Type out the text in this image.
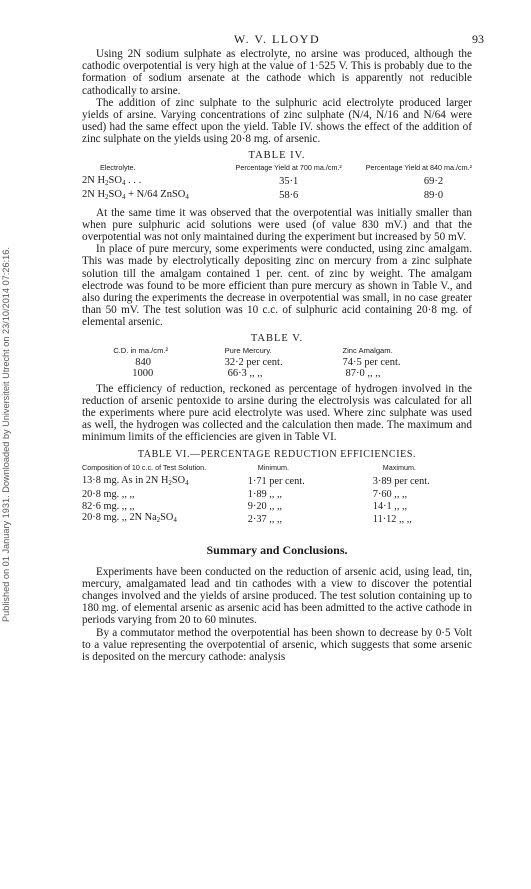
Published on 01 January 1931. Downloaded by Universiteit Utrecht on 23/10/2014 07:26:16.
W. V. LLOYD	93

Using 2N sodium sulphate as electrolyte, no arsine was produced, although the cathodic overpotential is very high at the value of 1·525 V. This is probably due to the formation of sodium arsenate at the cathode which is apparently not reducible cathodically to arsine.

The addition of zinc sulphate to the sulphuric acid electrolyte produced larger yields of arsine. Varying concentrations of zinc sulphate (N/4, N/16 and N/64 were used) had the same effect upon the yield. Table IV. shows the effect of the addition of zinc sulphate on the yields using 20·8 mg. of arsenic.

TABLE IV.
Electrolyte.	Percentage Yield at 700 ma./cm.²	Percentage Yield at 840 ma./cm.²
2N $H_2SO_4$ . . .	35·1	69·2
2N $H_2SO_4 + N/64$ ZnSO$_4$	58·6	89·0

At the same time it was observed that the overpotential was initially smaller than when pure sulphuric acid solutions were used (of value 830 mV.) and that the overpotential was not only maintained during the experiment but increased by 50 mV.

In place of pure mercury, some experiments were conducted, using zinc amalgam. This was made by electrolytically depositing zinc on mercury from a zinc sulphate solution till the amalgam contained 1 per. cent. of zinc by weight. The amalgam electrode was found to be more efficient than pure mercury as shown in Table V., and also during the experiments the decrease in overpotential was small, in no case greater than 50 mV. The test solution was 10 c.c. of sulphuric acid containing 20·8 mg. of elemental arsenic.

TABLE V.
C.D. in ma./cm.²	Pure Mercury.	Zinc Amalgam.
840	32·2 per cent.	74·5 per cent.
1000	66·3 ,, ,,	87·0 ,, ,,

The efficiency of reduction, reckoned as percentage of hydrogen involved in the reduction of arsenic pentoxide to arsine during the electrolysis was calculated for all the experiments where pure acid electrolyte was used. Where zinc sulphate was used as well, the hydrogen was collected and the calculation then made. The maximum and minimum limits of the efficiencies are given in Table VI.

TABLE VI.—PERCENTAGE REDUCTION EFFICIENCIES.
Composition of 10 c.c. of Test Solution.	Minimum.	Maximum.
13·8 mg. As in 2N $H_2SO_4$	1·71 per cent.	3·89 per cent.
20·8 mg. ,, ,,	1·89 ,, ,,	7·60 ,, ,,
82·6 mg. ,, ,,	9·20 ,, ,,	14·1 ,, ,,
20·8 mg. ,, 2N $Na_2SO_4$	2·37 ,, ,,	11·12 ,, ,,
Summary and Conclusions.

Experiments have been conducted on the reduction of arsenic acid, using lead, tin, mercury, amalgamated lead and tin cathodes with a view to discover the potential changes involved and the yields of arsine produced. The test solution containing up to 180 mg. of elemental arsenic as arsenic acid has been admitted to the active cathode in periods varying from 20 to 60 minutes.

By a commutator method the overpotential has been shown to decrease by 0·5 Volt to a value representing the overpotential of arsenic, which suggests that some arsenic is deposited on the mercury cathode: analysis
